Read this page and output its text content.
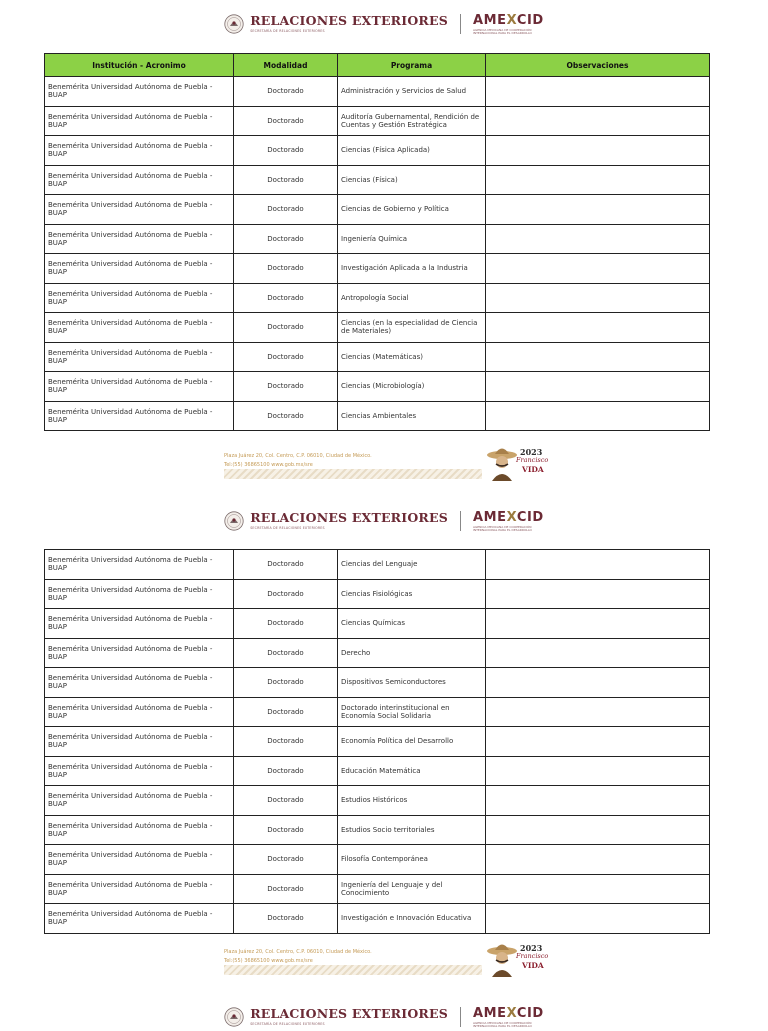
RELACIONES EXTERIORES
SECRETARÍA DE RELACIONES EXTERIORES
AMEXCID
AGENCIA MEXICANA DE COOPERACIÓN INTERNACIONAL PARA EL DESARROLLO
Institución - Acronimo	Modalidad	Programa	Observaciones
Benemérita Universidad Autónoma de Puebla - BUAP	Doctorado	Administración y Servicios de Salud	
Benemérita Universidad Autónoma de Puebla - BUAP	Doctorado	Auditoría Gubernamental, Rendición de Cuentas y Gestión Estratégica	
Benemérita Universidad Autónoma de Puebla - BUAP	Doctorado	Ciencias (Física Aplicada)	
Benemérita Universidad Autónoma de Puebla - BUAP	Doctorado	Ciencias (Física)	
Benemérita Universidad Autónoma de Puebla - BUAP	Doctorado	Ciencias de Gobierno y Política	
Benemérita Universidad Autónoma de Puebla - BUAP	Doctorado	Ingeniería Química	
Benemérita Universidad Autónoma de Puebla - BUAP	Doctorado	Investigación Aplicada a la Industria	
Benemérita Universidad Autónoma de Puebla - BUAP	Doctorado	Antropología Social	
Benemérita Universidad Autónoma de Puebla - BUAP	Doctorado	Ciencias (en la especialidad de Ciencia de Materiales)	
Benemérita Universidad Autónoma de Puebla - BUAP	Doctorado	Ciencias (Matemáticas)	
Benemérita Universidad Autónoma de Puebla - BUAP	Doctorado	Ciencias (Microbiología)	
Benemérita Universidad Autónoma de Puebla - BUAP	Doctorado	Ciencias Ambientales	
Plaza Juárez 20, Col. Centro, C.P. 06010, Ciudad de México.
Tel:(55) 36865100 www.gob.mx/sre
2023
Francisco
VIDA
RELACIONES EXTERIORES
SECRETARÍA DE RELACIONES EXTERIORES
AMEXCID
AGENCIA MEXICANA DE COOPERACIÓN INTERNACIONAL PARA EL DESARROLLO
Benemérita Universidad Autónoma de Puebla - BUAP	Doctorado	Ciencias del Lenguaje	
Benemérita Universidad Autónoma de Puebla - BUAP	Doctorado	Ciencias Fisiológicas	
Benemérita Universidad Autónoma de Puebla - BUAP	Doctorado	Ciencias Químicas	
Benemérita Universidad Autónoma de Puebla - BUAP	Doctorado	Derecho	
Benemérita Universidad Autónoma de Puebla - BUAP	Doctorado	Dispositivos Semiconductores	
Benemérita Universidad Autónoma de Puebla - BUAP	Doctorado	Doctorado interinstitucional en Economía Social Solidaria	
Benemérita Universidad Autónoma de Puebla - BUAP	Doctorado	Economía Política del Desarrollo	
Benemérita Universidad Autónoma de Puebla - BUAP	Doctorado	Educación Matemática	
Benemérita Universidad Autónoma de Puebla - BUAP	Doctorado	Estudios Históricos	
Benemérita Universidad Autónoma de Puebla - BUAP	Doctorado	Estudios Socio territoriales	
Benemérita Universidad Autónoma de Puebla - BUAP	Doctorado	Filosofía Contemporánea	
Benemérita Universidad Autónoma de Puebla - BUAP	Doctorado	Ingeniería del Lenguaje y del Conocimiento	
Benemérita Universidad Autónoma de Puebla - BUAP	Doctorado	Investigación e Innovación Educativa	
Plaza Juárez 20, Col. Centro, C.P. 06010, Ciudad de México.
Tel:(55) 36865100 www.gob.mx/sre
2023
Francisco
VIDA
RELACIONES EXTERIORES
SECRETARÍA DE RELACIONES EXTERIORES
AMEXCID
AGENCIA MEXICANA DE COOPERACIÓN INTERNACIONAL PARA EL DESARROLLO
